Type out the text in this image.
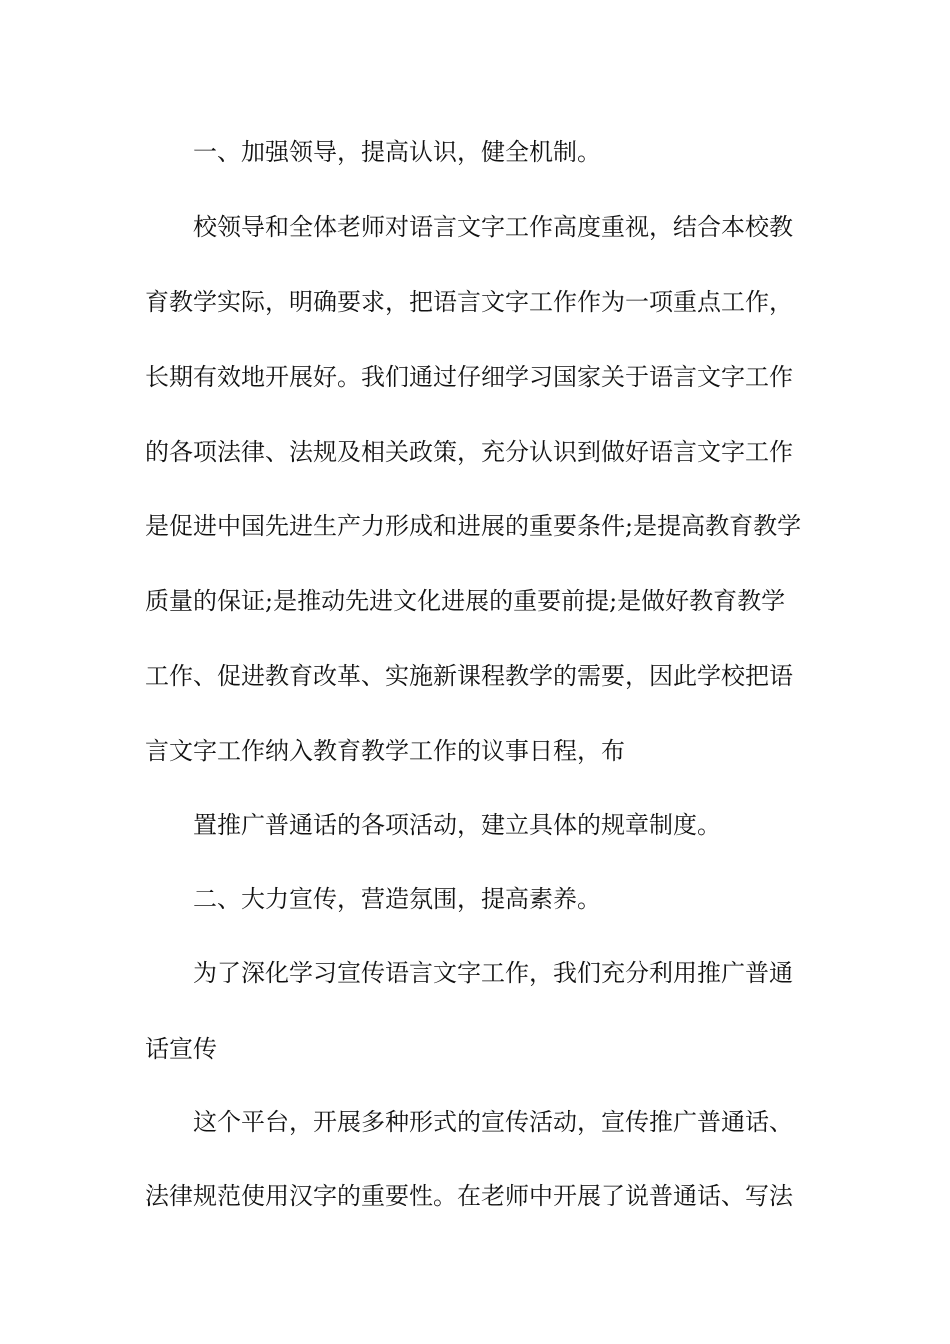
一、加强领导，提高认识，健全机制。
校领导和全体老师对语言文字工作高度重视，结合本校教
育教学实际，明确要求，把语言文字工作作为一项重点工作，
长期有效地开展好。我们通过仔细学习国家关于语言文字工作
的各项法律、法规及相关政策，充分认识到做好语言文字工作
是促进中国先进生产力形成和进展的重要条件;是提高教育教学
质量的保证;是推动先进文化进展的重要前提;是做好教育教学
工作、促进教育改革、实施新课程教学的需要，因此学校把语
言文字工作纳入教育教学工作的议事日程，布
置推广普通话的各项活动，建立具体的规章制度。
二、大力宣传，营造氛围，提高素养。
为了深化学习宣传语言文字工作，我们充分利用推广普通
话宣传
这个平台，开展多种形式的宣传活动，宣传推广普通话、
法律规范使用汉字的重要性。在老师中开展了说普通话、写法
